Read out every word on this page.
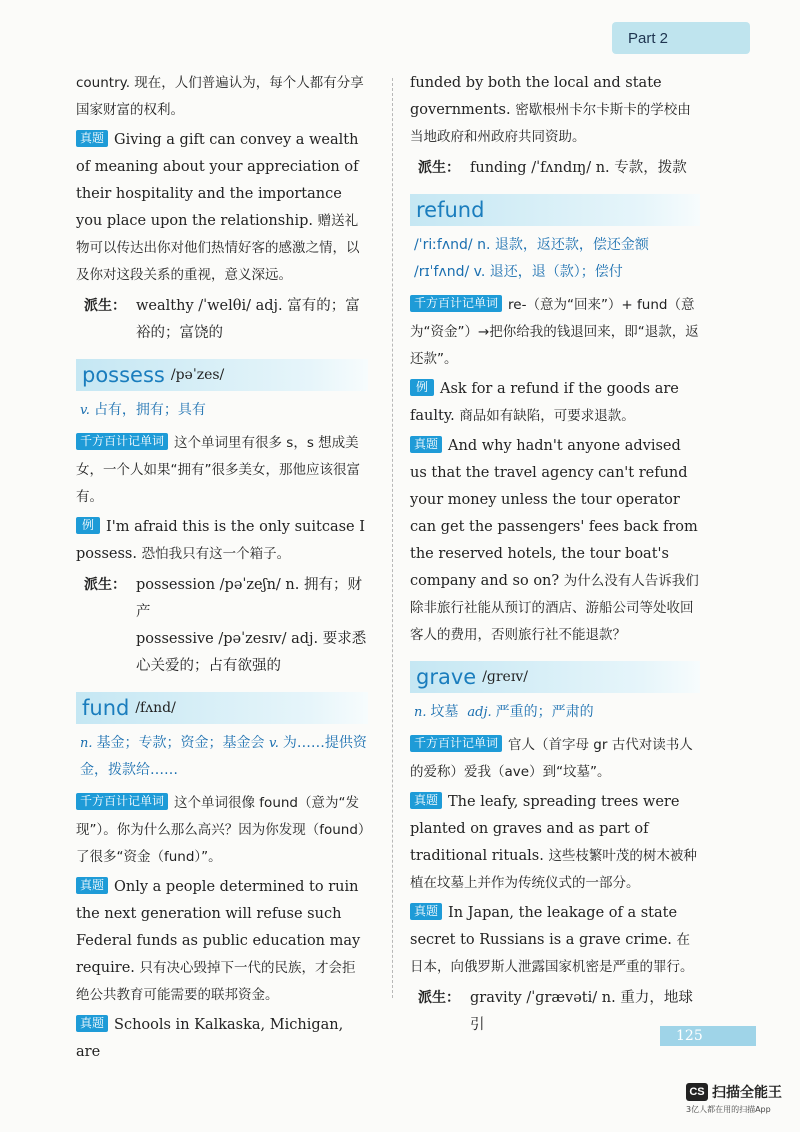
Part 2

country. 现在，人们普遍认为，每个人都有分享国家财富的权利。

真题 Giving a gift can convey a wealth of meaning about your appreciation of their hospitality and the importance you place upon the relationship. 赠送礼物可以传达出你对他们热情好客的感激之情，以及你对这段关系的重视，意义深远。

派生： wealthy /ˈwelθi/ adj. 富有的；富裕的；富饶的
possess /pəˈzes/
v. 占有，拥有；具有

千方百计记单词 这个单词里有很多 s，s 想成美女，一个人如果“拥有”很多美女，那他应该很富有。

例 I'm afraid this is the only suitcase I possess. 恐怕我只有这一个箱子。

派生： possession /pəˈzeʃn/ n. 拥有；财产
possessive /pəˈzesɪv/ adj. 要求悉心关爱的；占有欲强的
fund /fʌnd/
n. 基金；专款；资金；基金会 v. 为……提供资金，拨款给……

千方百计记单词 这个单词很像 found（意为“发现”）。你为什么那么高兴？因为你发现（found）了很多“资金（fund）”。

真题 Only a people determined to ruin the next generation will refuse such Federal funds as public education may require. 只有决心毁掉下一代的民族，才会拒绝公共教育可能需要的联邦资金。

真题 Schools in Kalkaska, Michigan, are

funded by both the local and state governments. 密歇根州卡尔卡斯卡的学校由当地政府和州政府共同资助。

派生： funding /ˈfʌndɪŋ/ n. 专款，拨款
refund
/ˈriːfʌnd/ n. 退款，返还款，偿还金额
/rɪˈfʌnd/ v. 退还，退（款）；偿付

千方百计记单词 re-（意为“回来”）+ fund（意为“资金”）→把你给我的钱退回来，即“退款，返还款”。

例 Ask for a refund if the goods are faulty. 商品如有缺陷，可要求退款。

真题 And why hadn't anyone advised us that the travel agency can't refund your money unless the tour operator can get the passengers' fees back from the reserved hotels, the tour boat's company and so on? 为什么没有人告诉我们除非旅行社能从预订的酒店、游船公司等处收回客人的费用，否则旅行社不能退款？

grave /ɡreɪv/
n. 坟墓 adj. 严重的；严肃的

千方百计记单词 官人（首字母 gr 古代对读书人的爱称）爱我（ave）到“坟墓”。

真题 The leafy, spreading trees were planted on graves and as part of traditional rituals. 这些枝繁叶茂的树木被种植在坟墓上并作为传统仪式的一部分。

真题 In Japan, the leakage of a state secret to Russians is a grave crime. 在日本，向俄罗斯人泄露国家机密是严重的罪行。

派生： gravity /ˈɡrævəti/ n. 重力，地球引
125
CS 扫描全能王
3亿人都在用的扫描App
